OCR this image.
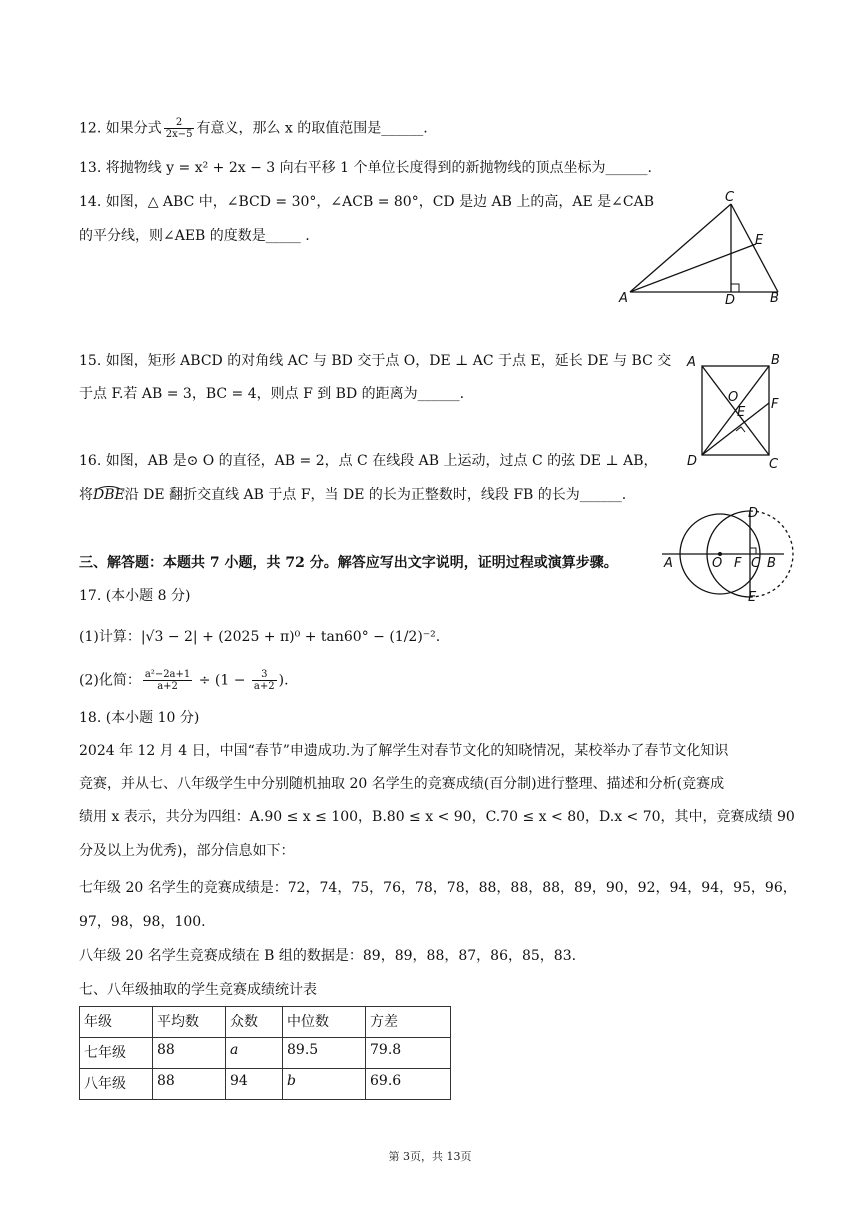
12. 如果分式 $\frac{2}{2x-5}$ 有意义，那么 x 的取值范围是______.
13. 将抛物线 y = x² + 2x − 3 向右平移 1 个单位长度得到的新抛物线的顶点坐标为______.
14. 如图，△ ABC 中，∠BCD = 30°，∠ACB = 80°，CD 是边 AB 上的高，AE 是∠CAB
的平分线，则∠AEB 的度数是_____ .
A	B
C
D
E
15. 如图，矩形 ABCD 的对角线 AC 与 BD 交于点 O，DE ⊥ AC 于点 E，延长 DE 与 BC 交
于点 F.若 AB = 3，BC = 4，则点 F 到 BD 的距离为______.
A	B
C
D
O
E
F
16. 如图，AB 是⊙ O 的直径，AB = 2，点 C 在线段 AB 上运动，过点 C 的弦 DE ⊥ AB，
将DBE沿 DE 翻折交直线 AB 于点 F，当 DE 的长为正整数时，线段 FB 的长为______.
A	O F C B
D
E
三、解答题：本题共 7 小题，共 72 分。解答应写出文字说明，证明过程或演算步骤。
17. (本小题 8 分)
(1)计算：|√3 − 2| + (2025 + π)⁰ + tan60° − (1/2)⁻².
(2)化简： $\frac{\text{a²−2a+1}}{a+2} \div (1 - \frac{3}{a+2}$ ).
18. (本小题 10 分)
2024 年 12 月 4 日，中国“春节”申遗成功.为了解学生对春节文化的知晓情况，某校举办了春节文化知识
竞赛，并从七、八年级学生中分别随机抽取 20 名学生的竞赛成绩(百分制)进行整理、描述和分析(竞赛成
绩用 x 表示，共分为四组：A.90 ≤ x ≤ 100，B.80 ≤ x < 90，C.70 ≤ x < 80，D.x < 70，其中，竞赛成绩 90
分及以上为优秀)，部分信息如下：
七年级 20 名学生的竞赛成绩是：72，74，75，76，78，78，88，88，88，89，90，92，94，94，95，96，
97，98，98，100.
八年级 20 名学生竞赛成绩在 B 组的数据是：89，89，88，87，86，85，83.
七、八年级抽取的学生竞赛成绩统计表
年级	平均数	众数	中位数	方差
七年级	88	a	89.5	79.8
八年级	88	94	b	69.6
第 3页，共 13页
